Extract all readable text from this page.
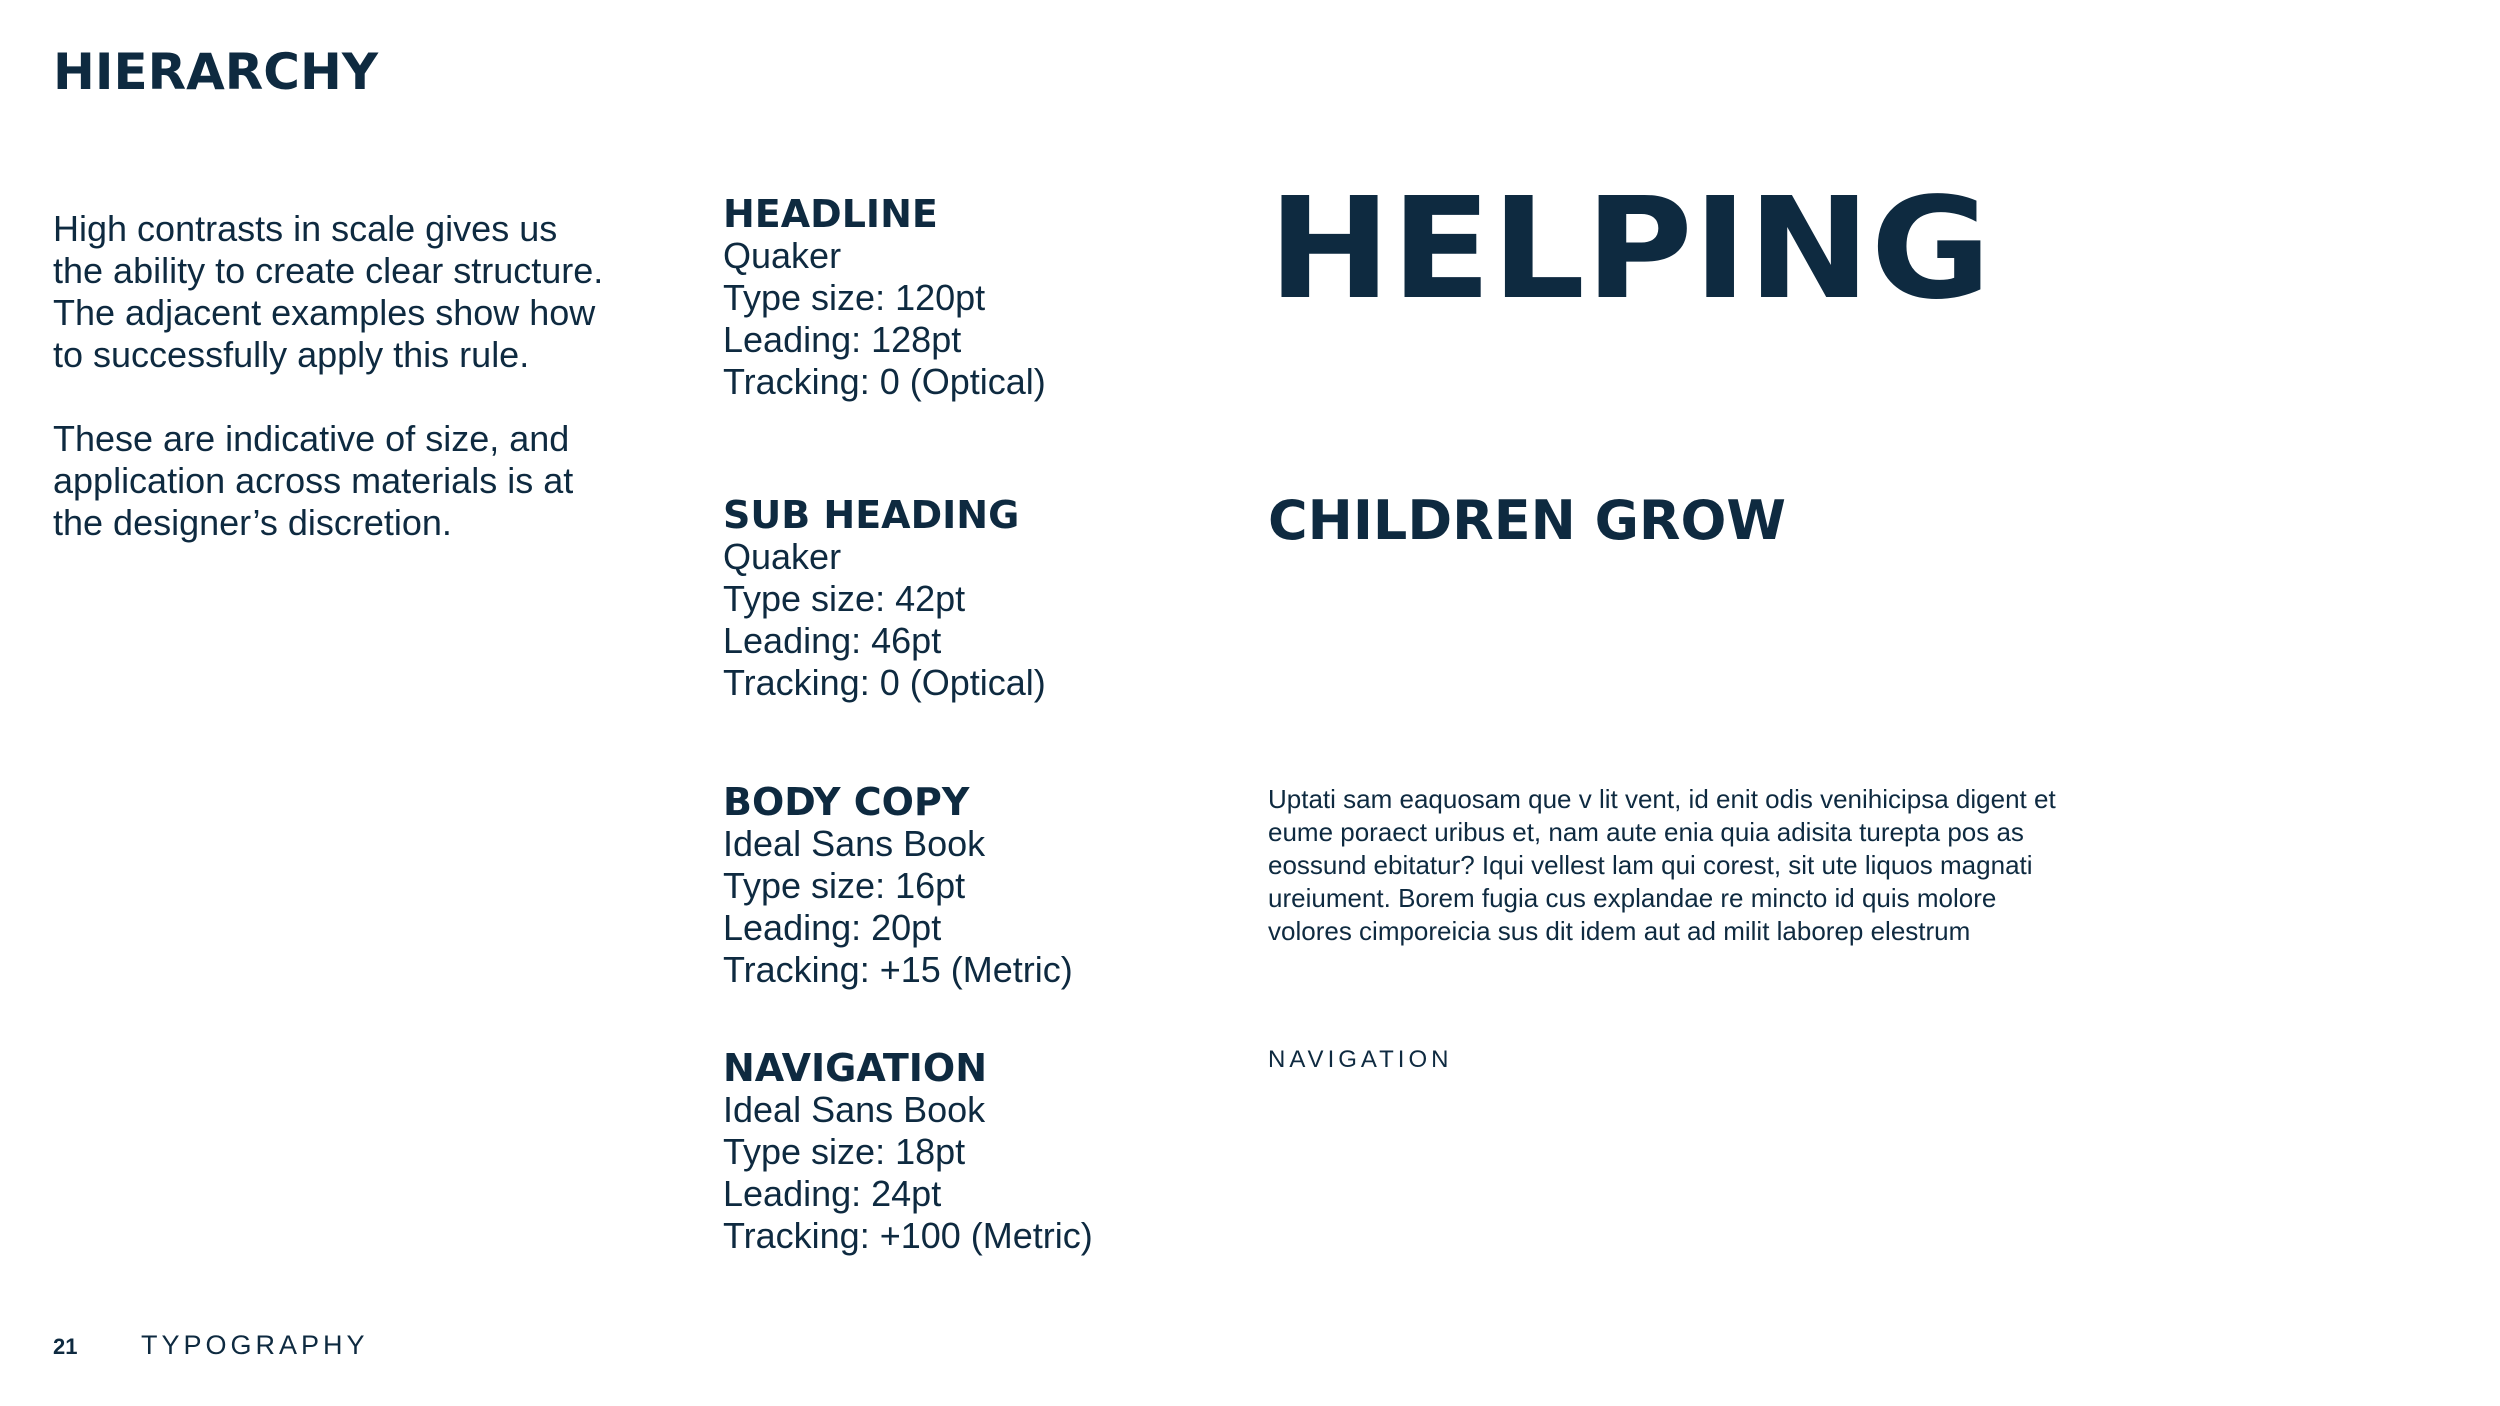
HIERARCHY

High contrasts in scale gives us the ability to create clear structure. The adjacent examples show how to successfully apply this rule.

These are indicative of size, and application across materials is at the designer’s discretion.

HEADLINE

Quaker

Type size: 120pt

Leading: 128pt

Tracking: 0 (Optical)

SUB HEADING

Quaker

Type size: 42pt

Leading: 46pt

Tracking: 0 (Optical)

BODY COPY

Ideal Sans Book

Type size: 16pt

Leading: 20pt

Tracking: +15 (Metric)

NAVIGATION

Ideal Sans Book

Type size: 18pt

Leading: 24pt

Tracking: +100 (Metric)

HELPING
CHILDREN GROW
Uptati sam eaquosam que v lit vent, id enit odis venihicipsa digent et eume poraect uribus et, nam aute enia quia adisita turepta pos as eossund ebitatur? Iqui vellest lam qui corest, sit ute liquos magnati ureiument. Borem fugia cus explandae re mincto id quis molore volores cimporeicia sus dit idem aut ad milit laborep elestrum
NAVIGATION
21 TYPOGRAPHY
